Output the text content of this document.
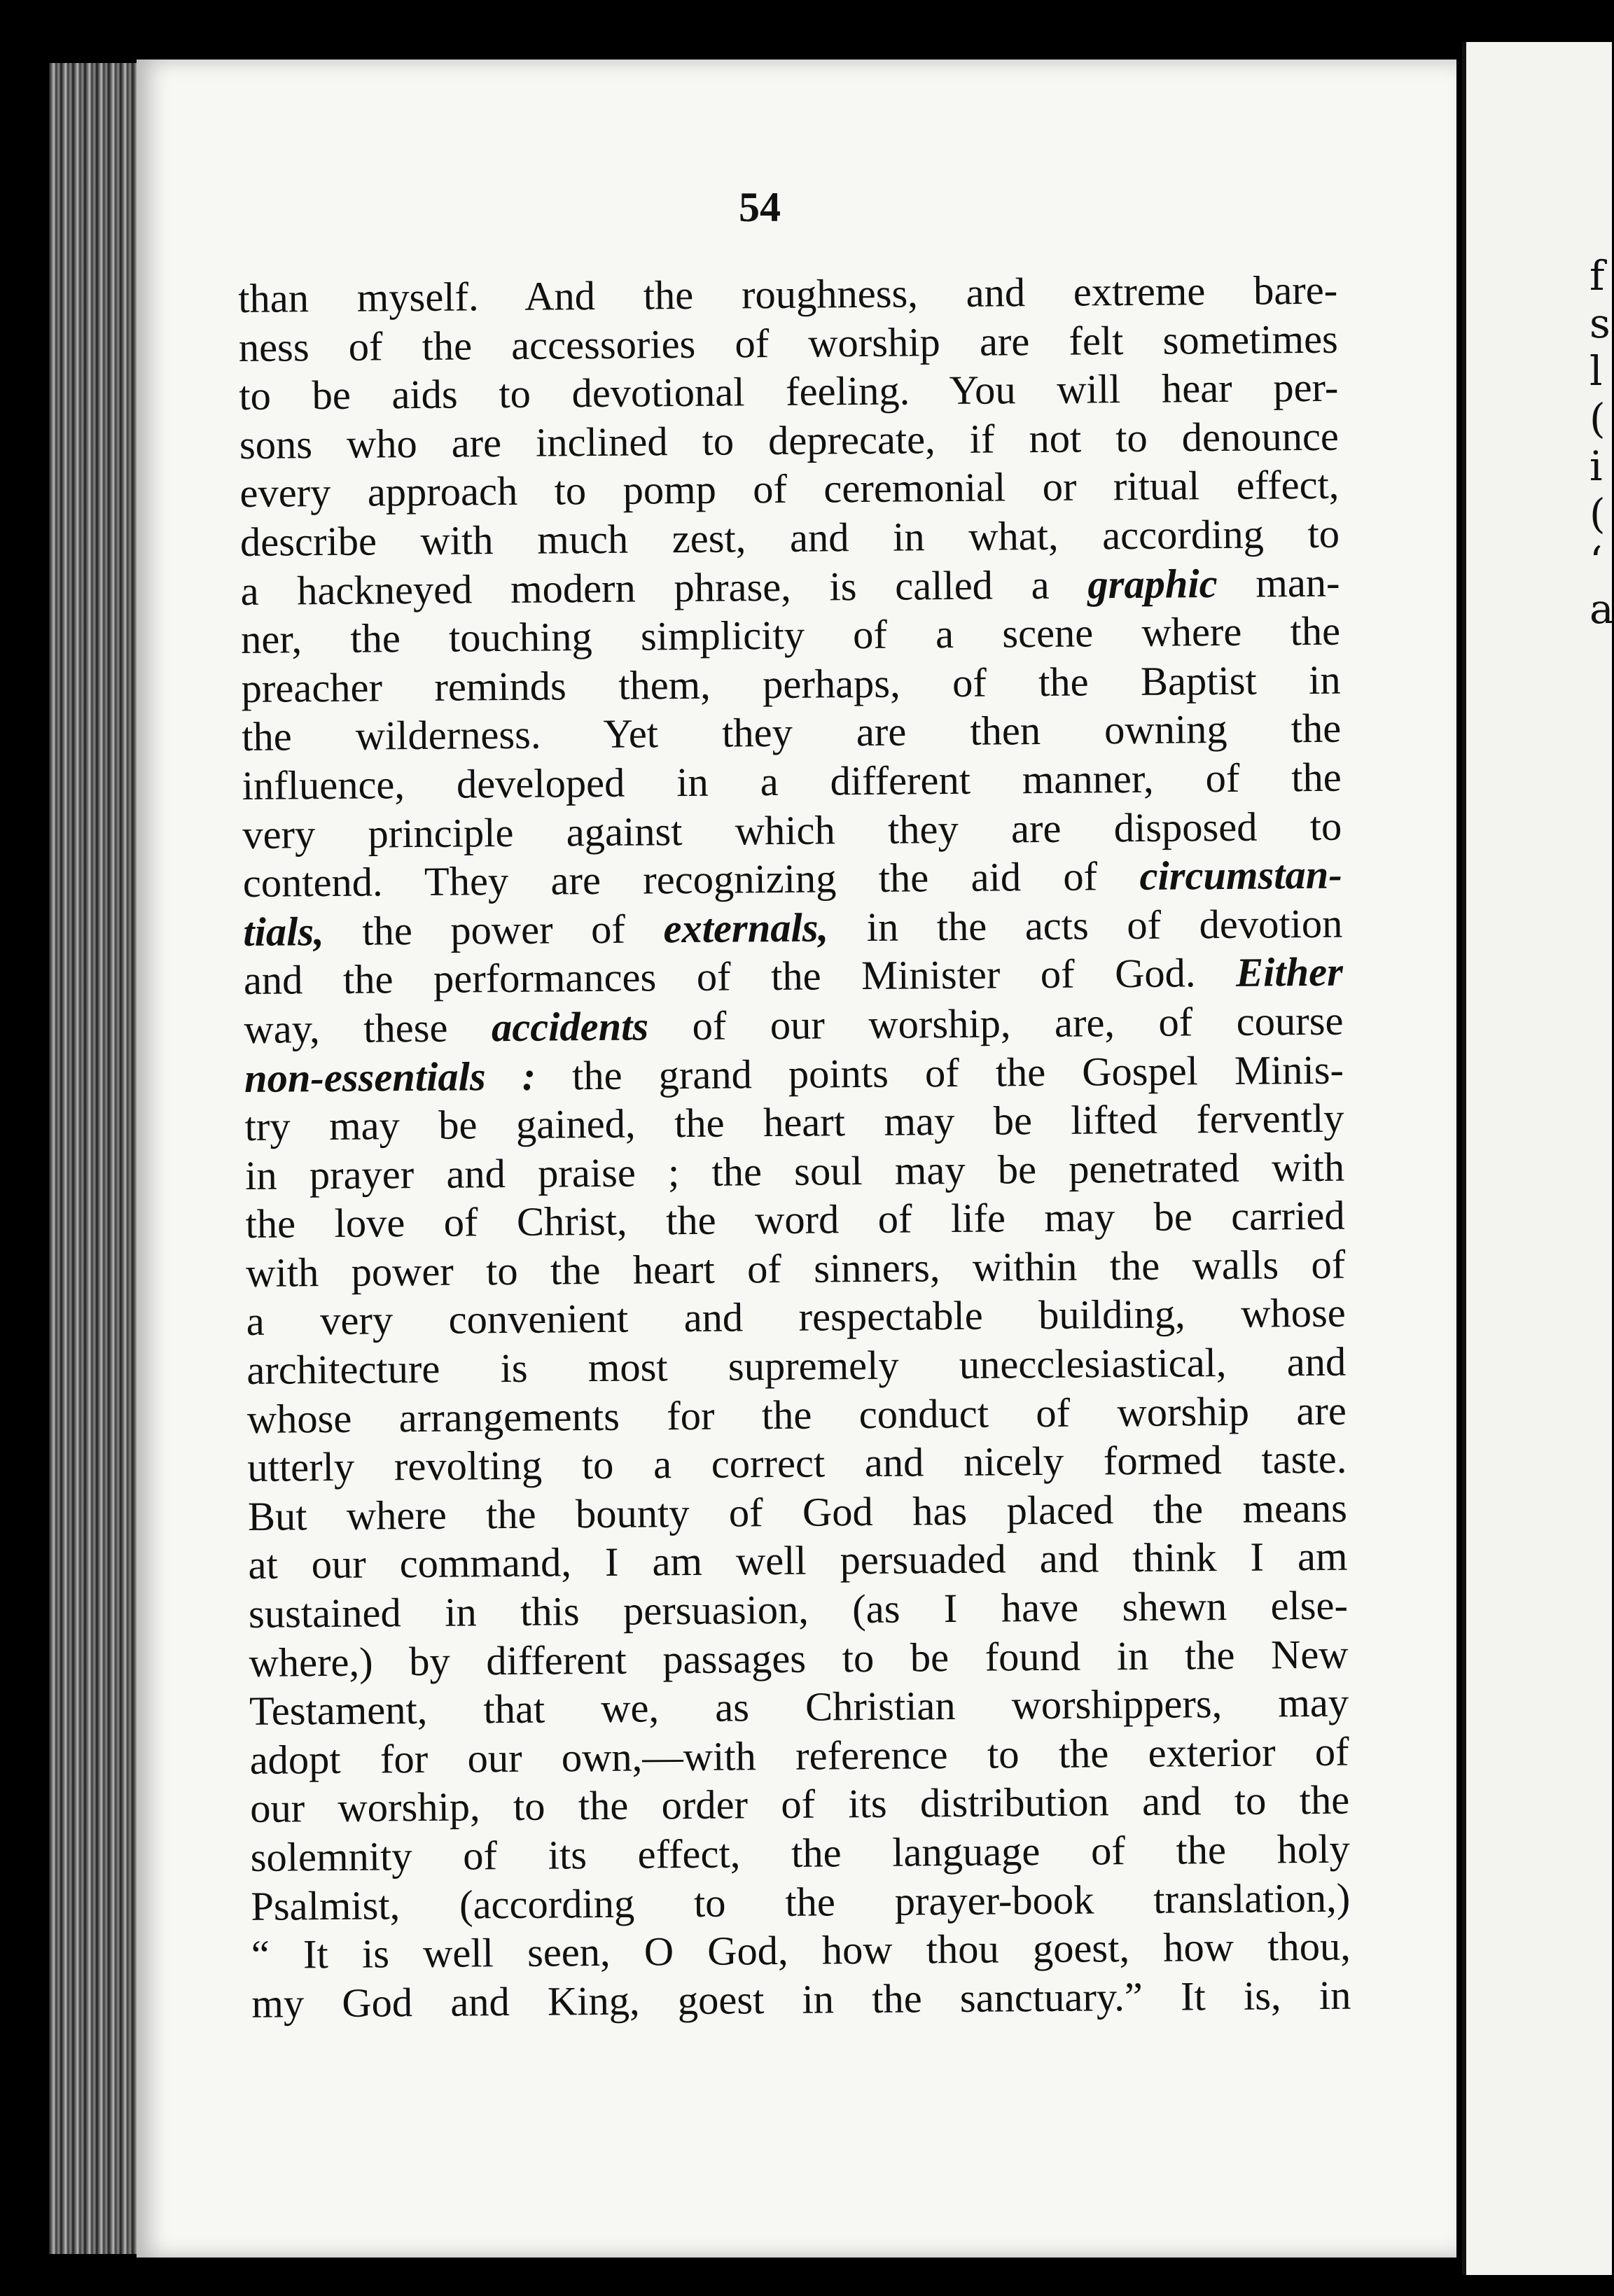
f
s
l
(
i
(
‘
a
54
than myself. And the roughness, and extreme bare-
ness of the accessories of worship are felt sometimes
to be aids to devotional feeling. You will hear per-
sons who are inclined to deprecate, if not to denounce
every approach to pomp of ceremonial or ritual effect,
describe with much zest, and in what, according to
a hackneyed modern phrase, is called a graphic man-
ner, the touching simplicity of a scene where the
preacher reminds them, perhaps, of the Baptist in
the wilderness. Yet they are then owning the
influence, developed in a different manner, of the
very principle against which they are disposed to
contend. They are recognizing the aid of circumstan-
tials, the power of externals, in the acts of devotion
and the performances of the Minister of God. Either
way, these accidents of our worship, are, of course
non-essentials : the grand points of the Gospel Minis-
try may be gained, the heart may be lifted fervently
in prayer and praise ; the soul may be penetrated with
the love of Christ, the word of life may be carried
with power to the heart of sinners, within the walls of
a very convenient and respectable building, whose
architecture is most supremely unecclesiastical, and
whose arrangements for the conduct of worship are
utterly revolting to a correct and nicely formed taste.
But where the bounty of God has placed the means
at our command, I am well persuaded and think I am
sustained in this persuasion, (as I have shewn else-
where,) by different passages to be found in the New
Testament, that we, as Christian worshippers, may
adopt for our own,—with reference to the exterior of
our worship, to the order of its distribution and to the
solemnity of its effect, the language of the holy
Psalmist, (according to the prayer-book translation,)
“ It is well seen, O God, how thou goest, how thou,
my God and King, goest in the sanctuary.” It is, in
